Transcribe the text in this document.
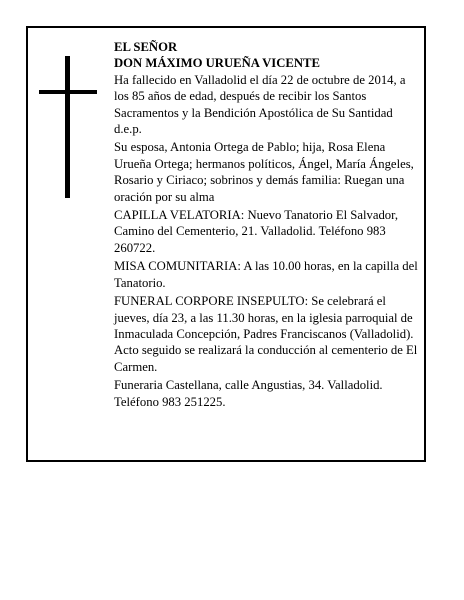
EL SEÑOR

DON MÁXIMO URUEÑA VICENTE

Ha fallecido en Valladolid el día 22 de octubre de 2014, a los 85 años de edad, después de recibir los Santos Sacramentos y la Bendición Apostólica de Su Santidad d.e.p.

Su esposa, Antonia Ortega de Pablo; hija, Rosa Elena Urueña Ortega; hermanos políticos, Ángel, María Ángeles, Rosario y Ciriaco; sobrinos y demás familia: Ruegan una oración por su alma

CAPILLA VELATORIA: Nuevo Tanatorio El Salvador, Camino del Cementerio, 21. Valladolid. Teléfono 983 260722.

MISA COMUNITARIA: A las 10.00 horas, en la capilla del Tanatorio.

FUNERAL CORPORE INSEPULTO: Se celebrará el jueves, día 23, a las 11.30 horas, en la iglesia parroquial de Inmaculada Concepción, Padres Franciscanos (Valladolid). Acto seguido se realizará la conducción al cementerio de El Carmen.

Funeraria Castellana, calle Angustias, 34. Valladolid. Teléfono 983 251225.
